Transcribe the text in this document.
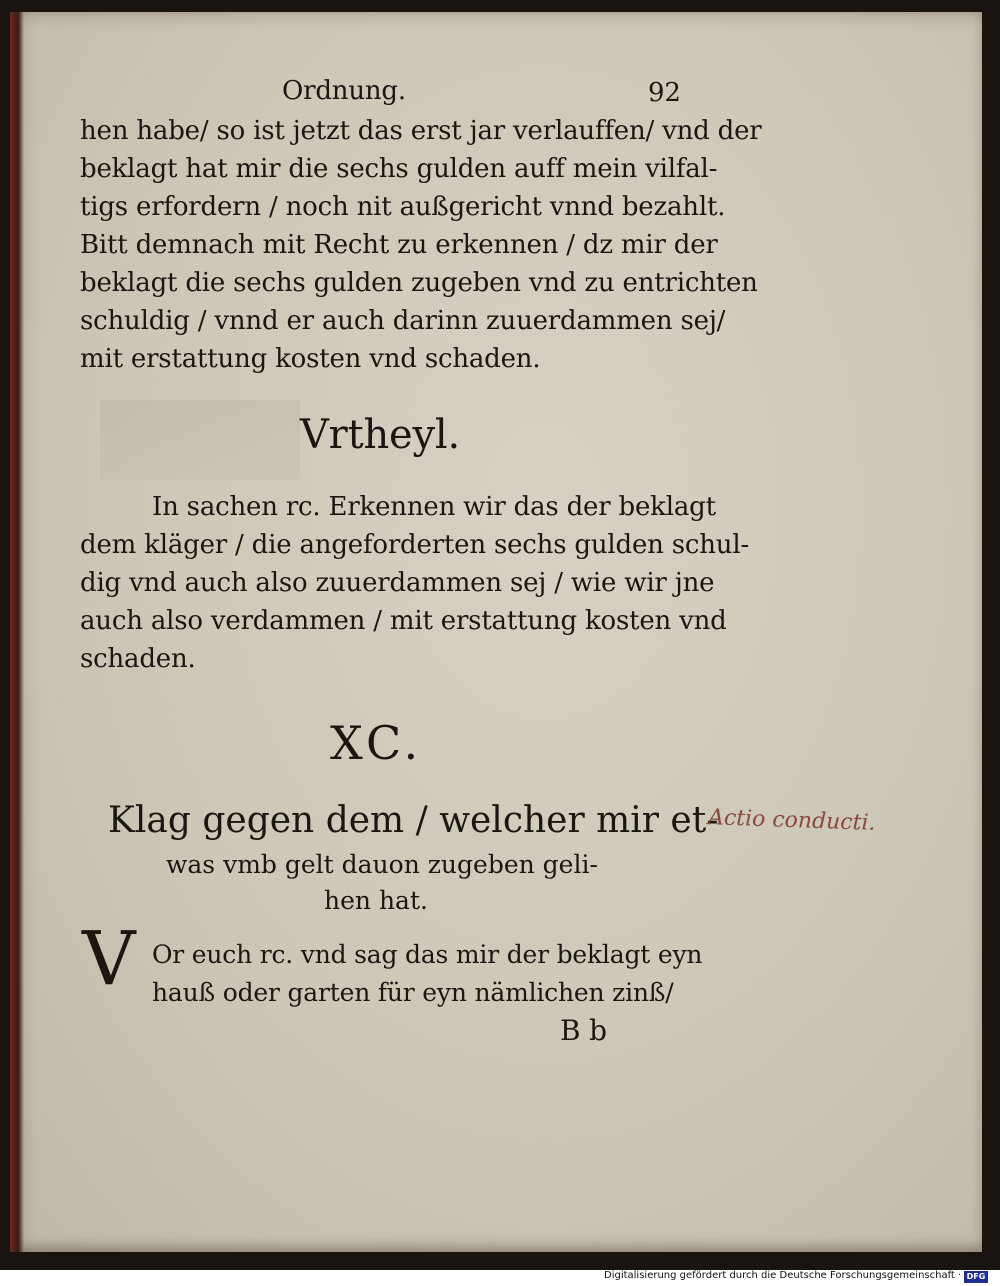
Ordnung.	92
hen habe/ so ist jetzt das erst jar verlauffen/ vnd der
beklagt hat mir die sechs gulden auff mein vilfal-
tigs erfordern / noch nit außgericht vnnd bezahlt.
Bitt demnach mit Recht zu erkennen / dz mir der
beklagt die sechs gulden zugeben vnd zu entrichten
schuldig / vnnd er auch darinn zuuerdammen sej/
mit erstattung kosten vnd schaden.
Vrtheyl.
In sachen rc. Erkennen wir das der beklagt
dem kläger / die angeforderten sechs gulden schul-
dig vnd auch also zuuerdammen sej / wie wir jne
auch also verdammen / mit erstattung kosten vnd
schaden.
XC.
Klag gegen dem / welcher mir et-
was vmb gelt dauon zugeben geli-
hen hat.
V Or euch rc. vnd sag das mir der beklagt eyn
hauß oder garten für eyn nämlichen zinß/
B b
Actio conducti.
Digitalisierung gefördert durch die Deutsche Forschungsgemeinschaft · DFG
